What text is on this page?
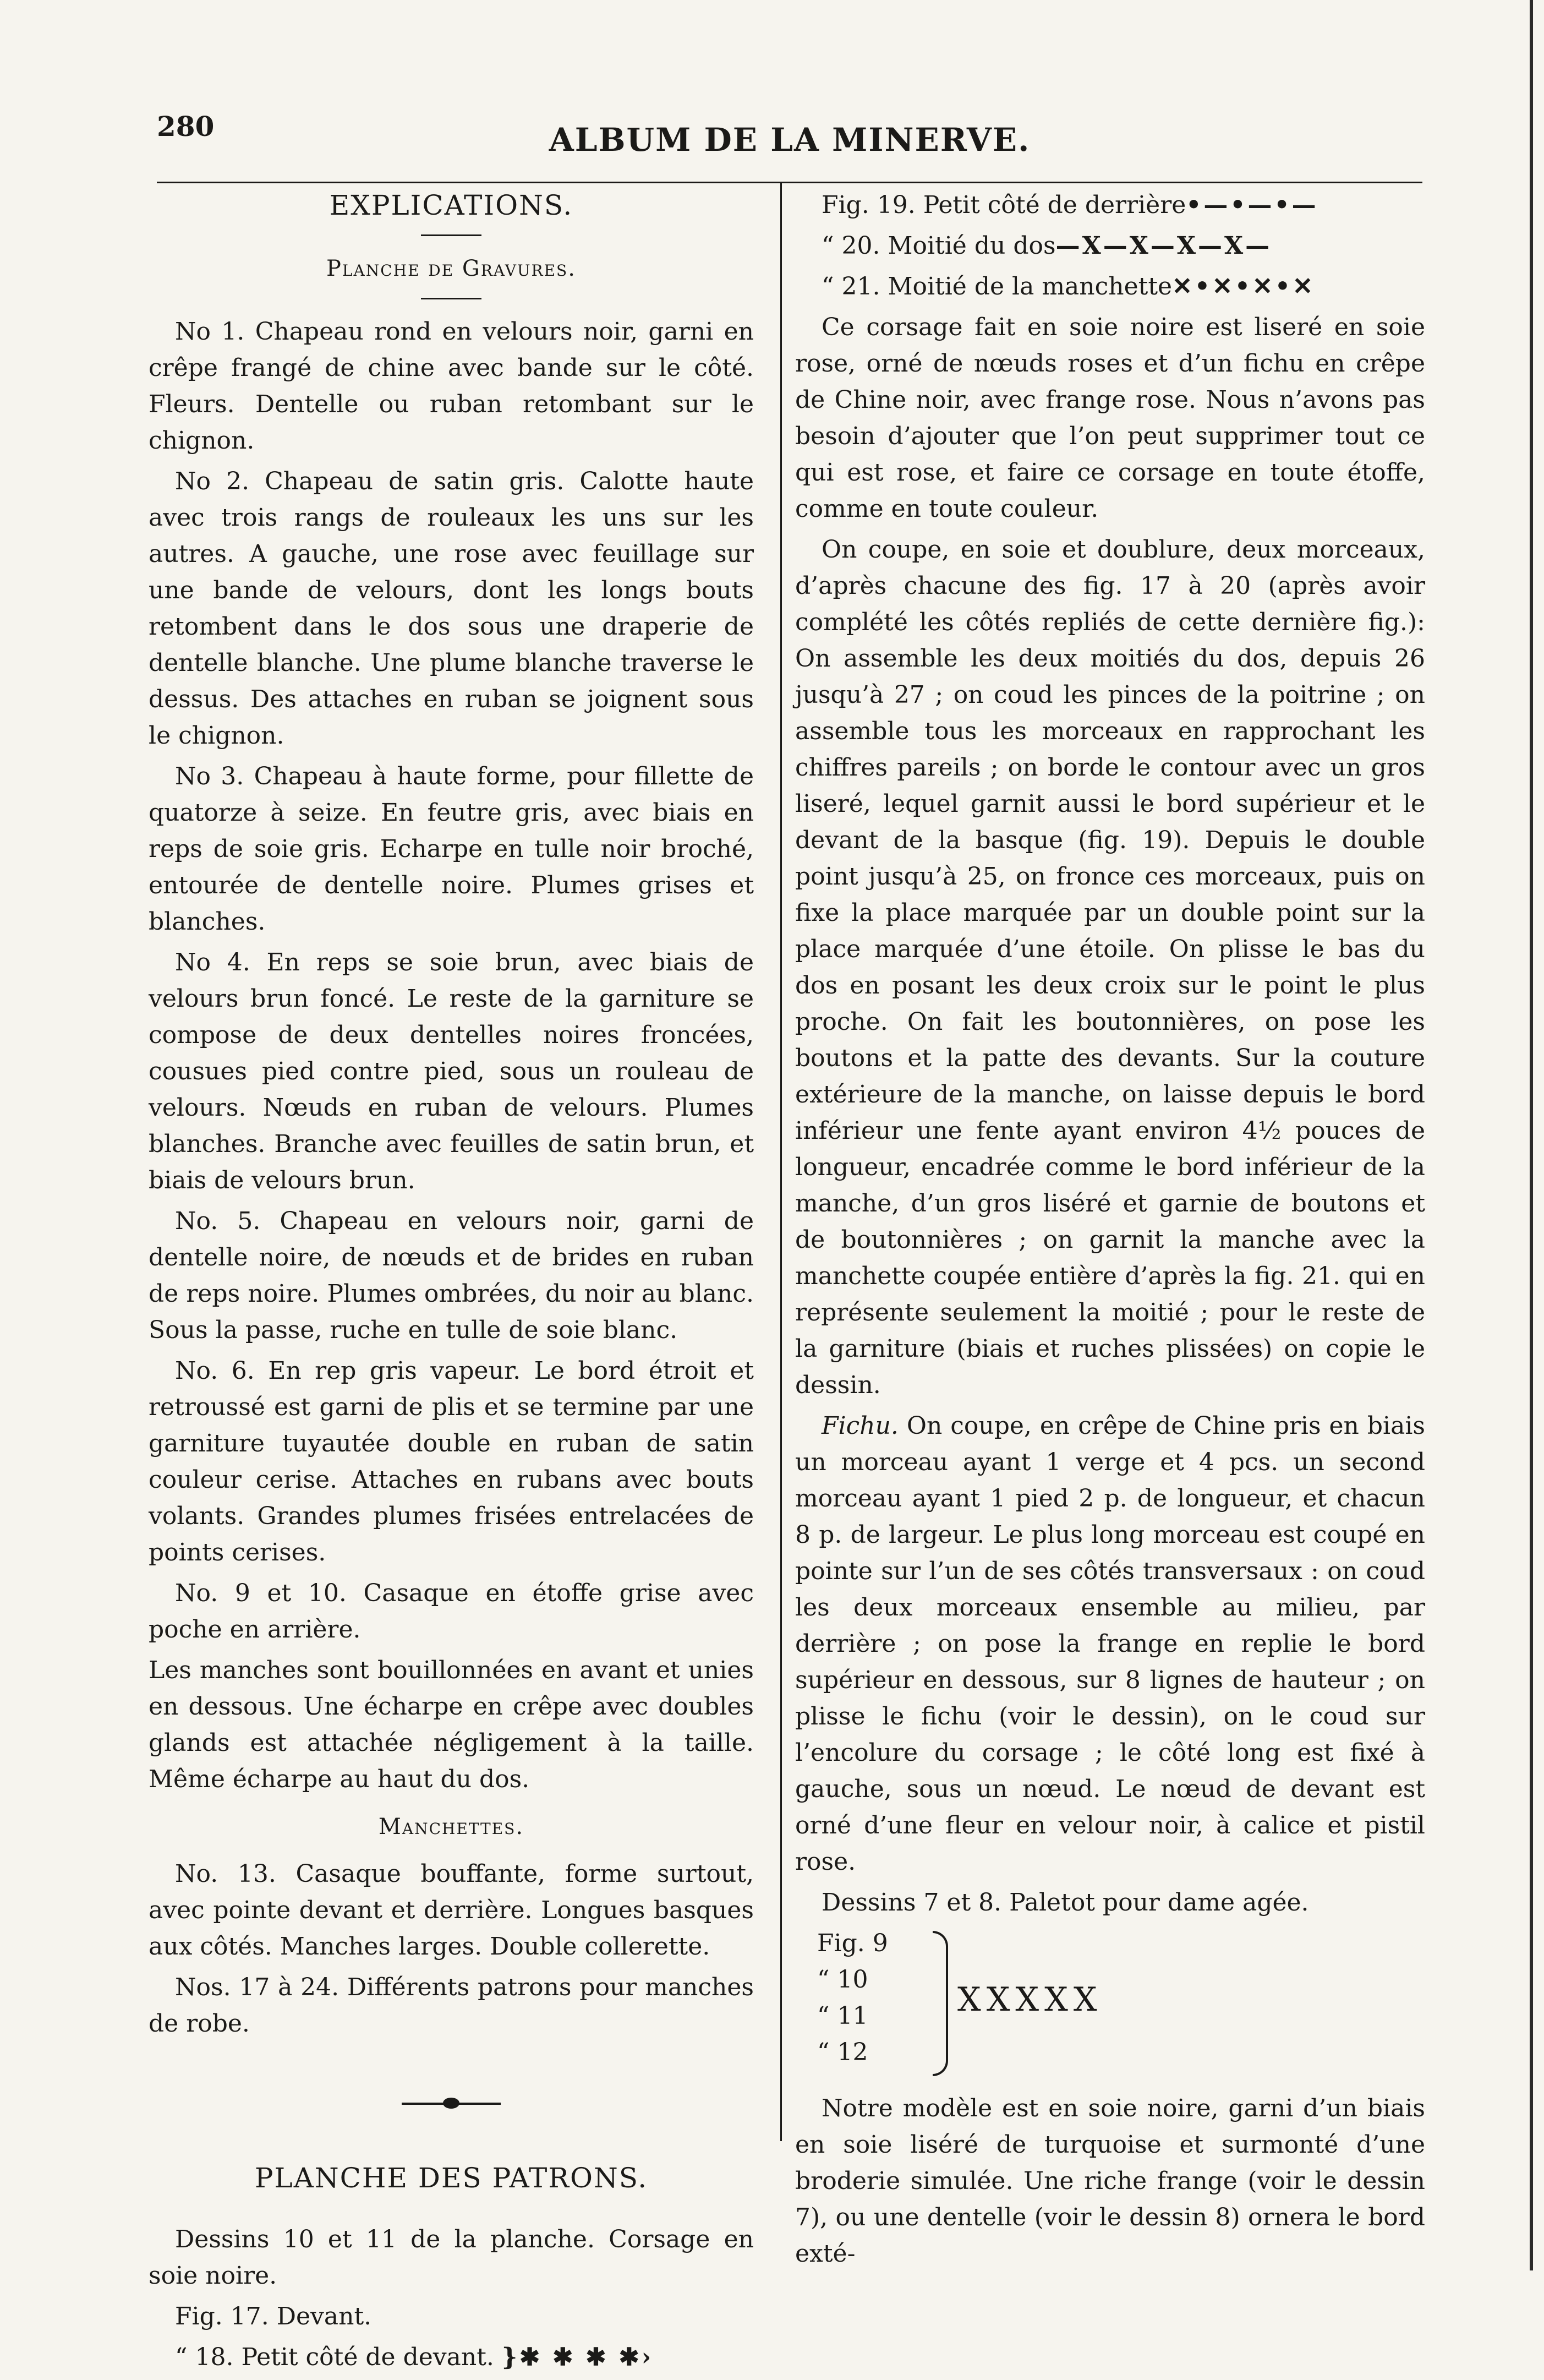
280	ALBUM DE LA MINERVE.
EXPLICATIONS.
Planche de Gravures.

No 1. Chapeau rond en velours noir, garni en crêpe frangé de chine avec bande sur le côté. Fleurs. Dentelle ou ruban retombant sur le chignon.

No 2. Chapeau de satin gris. Calotte haute avec trois rangs de rouleaux les uns sur les autres. A gauche, une rose avec feuillage sur une bande de velours, dont les longs bouts retombent dans le dos sous une draperie de dentelle blanche. Une plume blanche traverse le dessus. Des attaches en ruban se joignent sous le chignon.

No 3. Chapeau à haute forme, pour fillette de quatorze à seize. En feutre gris, avec biais en reps de soie gris. Echarpe en tulle noir broché, entourée de dentelle noire. Plumes grises et blanches.

No 4. En reps se soie brun, avec biais de velours brun foncé. Le reste de la garniture se compose de deux dentelles noires froncées, cousues pied contre pied, sous un rouleau de velours. Nœuds en ruban de velours. Plumes blanches. Branche avec feuilles de satin brun, et biais de velours brun.

No. 5. Chapeau en velours noir, garni de dentelle noire, de nœuds et de brides en ruban de reps noire. Plumes ombrées, du noir au blanc. Sous la passe, ruche en tulle de soie blanc.

No. 6. En rep gris vapeur. Le bord étroit et retroussé est garni de plis et se termine par une garniture tuyautée double en ruban de satin couleur cerise. Attaches en rubans avec bouts volants. Grandes plumes frisées entrelacées de points cerises.

No. 9 et 10. Casaque en étoffe grise avec poche en arrière.

Les manches sont bouillonnées en avant et unies en dessous. Une écharpe en crêpe avec doubles glands est attachée négligement à la taille. Même écharpe au haut du dos.

Manchettes.

No. 13. Casaque bouffante, forme surtout, avec pointe devant et derrière. Longues basques aux côtés. Manches larges. Double collerette.

Nos. 17 à 24. Différents patrons pour manches de robe.

PLANCHE DES PATRONS.

Dessins 10 et 11 de la planche. Corsage en soie noire.

Fig. 17. Devant.

“ 18. Petit côté de devant. }✱ ✱ ✱ ✱›

Fig. 19. Petit côté de derrière•—•—•—

“ 20. Moitié du dos—X—X—X—X—

“ 21. Moitié de la manchette✕•✕•✕•✕

Ce corsage fait en soie noire est liseré en soie rose, orné de nœuds roses et d’un fichu en crêpe de Chine noir, avec frange rose. Nous n’avons pas besoin d’ajouter que l’on peut supprimer tout ce qui est rose, et faire ce corsage en toute étoffe, comme en toute couleur.

On coupe, en soie et doublure, deux morceaux, d’après chacune des fig. 17 à 20 (après avoir complété les côtés repliés de cette dernière fig.): On assemble les deux moitiés du dos, depuis 26 jusqu’à 27 ; on coud les pinces de la poitrine ; on assemble tous les morceaux en rapprochant les chiffres pareils ; on borde le contour avec un gros liseré, lequel garnit aussi le bord supérieur et le devant de la basque (fig. 19). Depuis le double point jusqu’à 25, on fronce ces morceaux, puis on fixe la place marquée par un double point sur la place marquée d’une étoile. On plisse le bas du dos en posant les deux croix sur le point le plus proche. On fait les boutonnières, on pose les boutons et la patte des devants. Sur la couture extérieure de la manche, on laisse depuis le bord inférieur une fente ayant environ 4½ pouces de longueur, encadrée comme le bord inférieur de la manche, d’un gros liséré et garnie de boutons et de boutonnières ; on garnit la manche avec la manchette coupée entière d’après la fig. 21. qui en représente seulement la moitié ; pour le reste de la garniture (biais et ruches plissées) on copie le dessin.

Fichu. On coupe, en crêpe de Chine pris en biais un morceau ayant 1 verge et 4 pcs. un second morceau ayant 1 pied 2 p. de longueur, et chacun 8 p. de largeur. Le plus long morceau est coupé en pointe sur l’un de ses côtés transversaux : on coud les deux morceaux ensemble au milieu, par derrière ; on pose la frange en replie le bord supérieur en dessous, sur 8 lignes de hauteur ; on plisse le fichu (voir le dessin), on le coud sur l’encolure du corsage ; le côté long est fixé à gauche, sous un nœud. Le nœud de devant est orné d’une fleur en velour noir, à calice et pistil rose.

Dessins 7 et 8. Paletot pour dame agée.

Fig. 9
“ 10
“ 11
“ 12
XXXXX

Notre modèle est en soie noire, garni d’un biais en soie liséré de turquoise et surmonté d’une broderie simulée. Une riche frange (voir le dessin 7), ou une dentelle (voir le dessin 8) ornera le bord exté-
